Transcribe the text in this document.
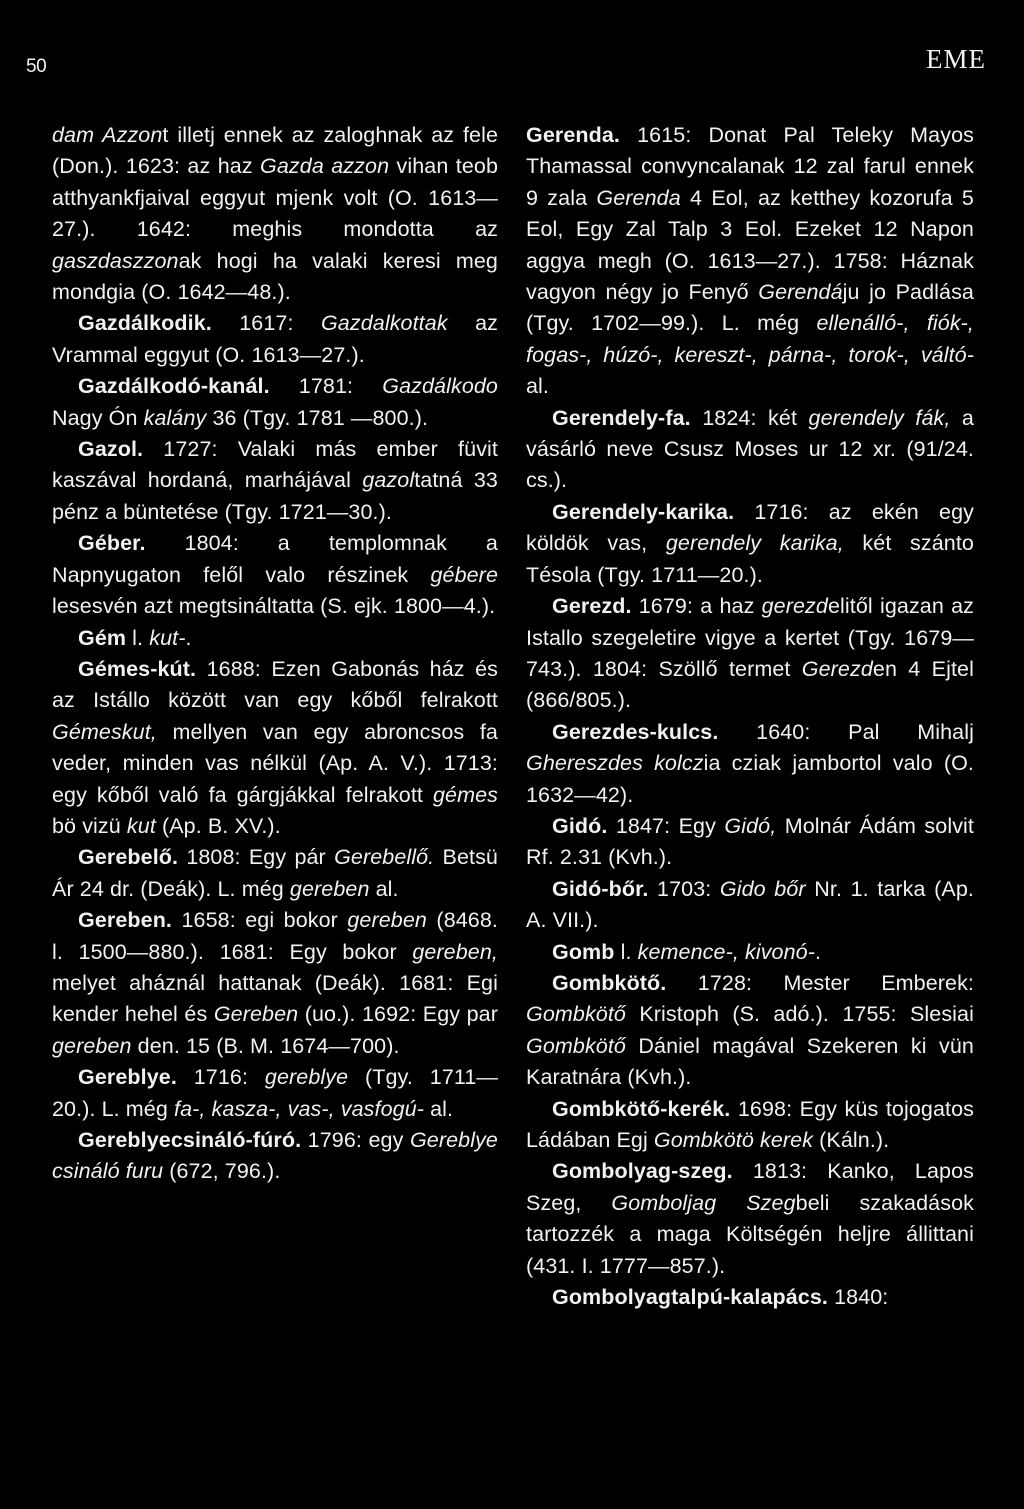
50	EME

dam Azzont illetj ennek az zaloghnak az fele (Don.). 1623: az haz Gazda azzon vihan teob atthyankfjaival eggyut mjenk volt (O. 1613—27.). 1642: meghis mondotta az gaszdaszzonak hogi ha valaki keresi meg mondgia (O. 1642—48.).

Gazdálkodik. 1617: Gazdalkottak az Vrammal eggyut (O. 1613—27.).

Gazdálkodó-kanál. 1781: Gazdálkodo Nagy Ón kalány 36 (Tgy. 1781 —800.).

Gazol. 1727: Valaki más ember füvit kaszával hordaná, marhájával gazoltatná 33 pénz a büntetése (Tgy. 1721—30.).

Géber. 1804: a templomnak a Napnyugaton felől valo részinek gébere lesesvén azt megtsináltatta (S. ejk. 1800—4.).

Gém l. kut-.

Gémes-kút. 1688: Ezen Gabonás ház és az Istállo között van egy kőből felrakott Gémeskut, mellyen van egy abroncsos fa veder, minden vas nélkül (Ap. A. V.). 1713: egy kőből való fa gárgjákkal felrakott gémes bö vizü kut (Ap. B. XV.).

Gerebelő. 1808: Egy pár Gerebellő. Betsü Ár 24 dr. (Deák). L. még gereben al.

Gereben. 1658: egi bokor gereben (8468. l. 1500—880.). 1681: Egy bokor gereben, melyet aháznál hattanak (Deák). 1681: Egi kender hehel és Gereben (uo.). 1692: Egy par gereben den. 15 (B. M. 1674—700).

Gereblye. 1716: gereblye (Tgy. 1711—20.). L. még fa-, kasza-, vas-, vasfogú- al.

Gereblyecsináló-fúró. 1796: egy Gereblye csináló furu (672, 796.).

Gerenda. 1615: Donat Pal Teleky Mayos Thamassal convyncalanak 12 zal farul ennek 9 zala Gerenda 4 Eol, az ketthey kozorufa 5 Eol, Egy Zal Talp 3 Eol. Ezeket 12 Napon aggya megh (O. 1613—27.). 1758: Háznak vagyon négy jo Fenyő Gerendáju jo Padlása (Tgy. 1702—99.). L. még ellenálló-, fiók-, fogas-, húzó-, kereszt-, párna-, torok-, váltó- al.

Gerendely-fa. 1824: két gerendely fák, a vásárló neve Csusz Moses ur 12 xr. (91/24. cs.).

Gerendely-karika. 1716: az ekén egy köldök vas, gerendely karika, két szánto Tésola (Tgy. 1711—20.).

Gerezd. 1679: a haz gerezdelitől igazan az Istallo szegeletire vigye a kertet (Tgy. 1679—743.). 1804: Szöllő termet Gerezden 4 Ejtel (866/805.).

Gerezdes-kulcs. 1640: Pal Mihalj Ghereszdes kolczia cziak jambortol valo (O. 1632—42).

Gidó. 1847: Egy Gidó, Molnár Ádám solvit Rf. 2.31 (Kvh.).

Gidó-bőr. 1703: Gido bőr Nr. 1. tarka (Ap. A. VII.).

Gomb l. kemence-, kivonó-.

Gombkötő. 1728: Mester Emberek: Gombkötő Kristoph (S. adó.). 1755: Slesiai Gombkötő Dániel magával Szekeren ki vün Karatnára (Kvh.).

Gombkötő-kerék. 1698: Egy küs tojogatos Ládában Egj Gombkötö kerek (Káln.).

Gombolyag-szeg. 1813: Kanko, Lapos Szeg, Gomboljag Szegbeli szakadások tartozzék a maga Költségén heljre állittani (431. I. 1777—857.).

Gombolyagtalpú-kalapács. 1840:
